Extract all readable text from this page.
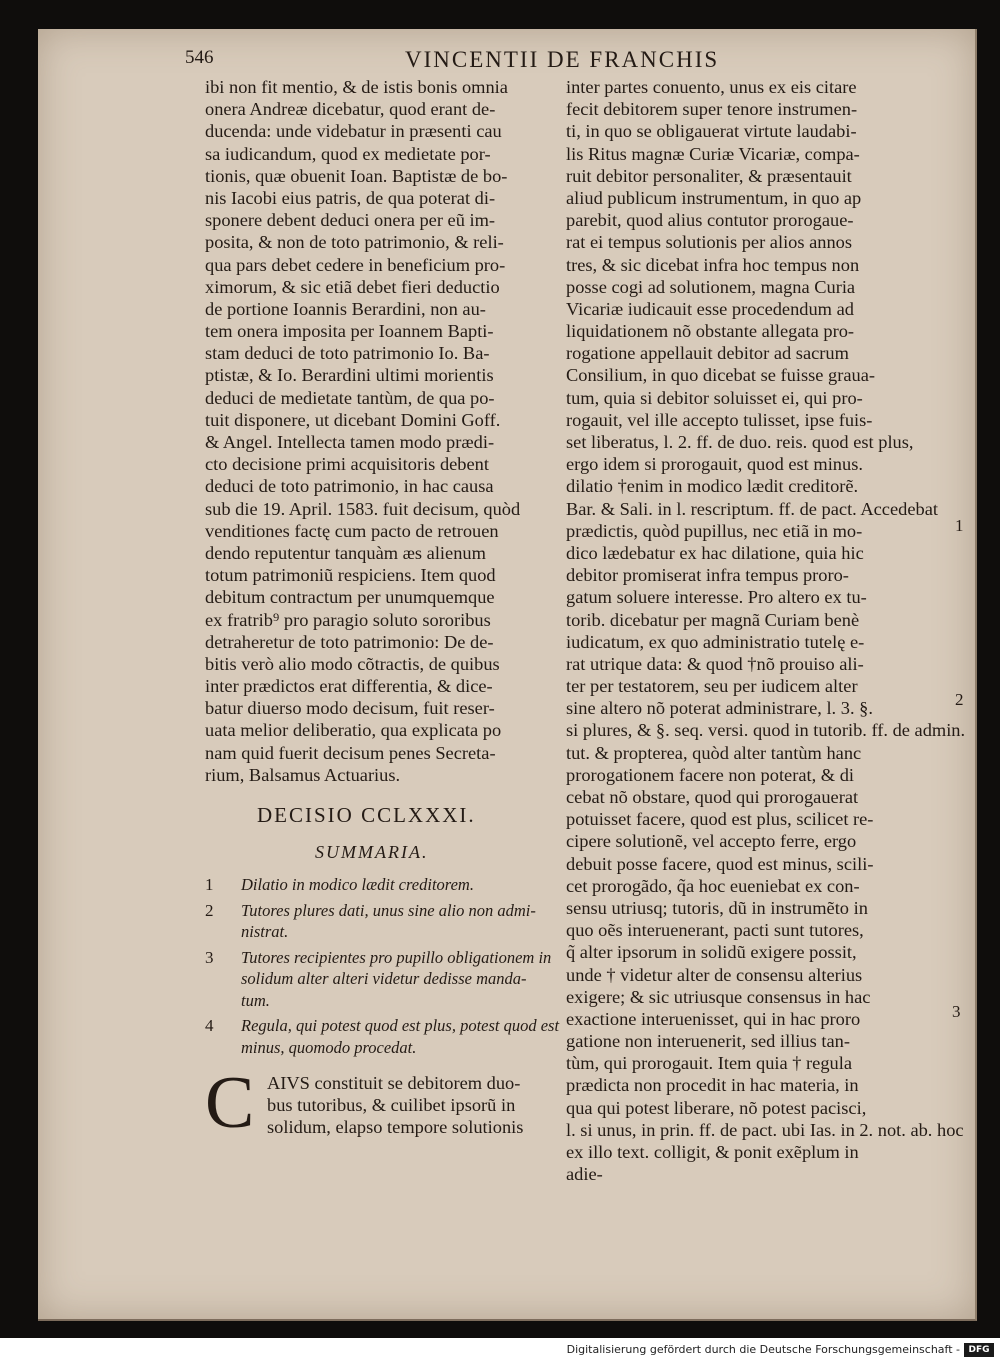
546	VINCENTII DE FRANCHIS
ibi non fit mentio, & de istis bonis omnia
onera Andreæ dicebatur, quod erant de-
ducenda: unde videbatur in præsenti cau
sa iudicandum, quod ex medietate por-
tionis, quæ obuenit Ioan. Baptistæ de bo-
nis Iacobi eius patris, de qua poterat di-
sponere debent deduci onera per eũ im-
posita, & non de toto patrimonio, & reli-
qua pars debet cedere in beneficium pro-
ximorum, & sic etiã debet fieri deductio
de portione Ioannis Berardini, non au-
tem onera imposita per Ioannem Bapti-
stam deduci de toto patrimonio Io. Ba-
ptistæ, & Io. Berardini ultimi morientis
deduci de medietate tantùm, de qua po-
tuit disponere, ut dicebant Domini Goff.
& Angel. Intellecta tamen modo prædi-
cto decisione primi acquisitoris debent
deduci de toto patrimonio, in hac causa
sub die 19. April. 1583. fuit decisum, quòd
venditiones factę cum pacto de retrouen
dendo reputentur tanquàm æs alienum
totum patrimoniũ respiciens. Item quod
debitum contractum per unumquemque
ex fratrib⁹ pro paragio soluto sororibus
detraheretur de toto patrimonio: De de-
bitis verò alio modo cõtractis, de quibus
inter prædictos erat differentia, & dice-
batur diuerso modo decisum, fuit reser-
uata melior deliberatio, qua explicata po
nam quid fuerit decisum penes Secreta-
rium, Balsamus Actuarius.
DECISIO CCLXXXI.
SUMMARIA.
1 Dilatio in modico lædit creditorem.
2 Tutores plures dati, unus sine alio non admi-
nistrat.
3 Tutores recipientes pro pupillo obligationem in
solidum alter alteri videtur dedisse manda-
tum.
4 Regula, qui potest quod est plus, potest quod est
minus, quomodo procedat.
C AIVS constituit se debitorem duo-
bus tutoribus, & cuilibet ipsorũ in
solidum, elapso tempore solutionis
inter partes conuento, unus ex eis citare
fecit debitorem super tenore instrumen-
ti, in quo se obligauerat virtute laudabi-
lis Ritus magnæ Curiæ Vicariæ, compa-
ruit debitor personaliter, & præsentauit
aliud publicum instrumentum, in quo ap
parebit, quod alius contutor prorogaue-
rat ei tempus solutionis per alios annos
tres, & sic dicebat infra hoc tempus non
posse cogi ad solutionem, magna Curia
Vicariæ iudicauit esse procedendum ad
liquidationem nõ obstante allegata pro-
rogatione appellauit debitor ad sacrum
Consilium, in quo dicebat se fuisse graua-
tum, quia si debitor soluisset ei, qui pro-
rogauit, vel ille accepto tulisset, ipse fuis-
set liberatus, l. 2. ff. de duo. reis. quod est plus,
ergo idem si prorogauit, quod est minus.
dilatio †enim in modico lædit creditorẽ.
Bar. & Sali. in l. rescriptum. ff. de pact. Accedebat
prædictis, quòd pupillus, nec etiã in mo-
dico lædebatur ex hac dilatione, quia hic
debitor promiserat infra tempus proro-
gatum soluere interesse. Pro altero ex tu-
torib. dicebatur per magnã Curiam benè
iudicatum, ex quo administratio tutelę e-
rat utrique data: & quod †nõ prouiso ali-
ter per testatorem, seu per iudicem alter
sine altero nõ poterat administrare, l. 3. §.
si plures, & §. seq. versi. quod in tutorib. ff. de admin.
tut. & propterea, quòd alter tantùm hanc
prorogationem facere non poterat, & di
cebat nõ obstare, quod qui prorogauerat
potuisset facere, quod est plus, scilicet re-
cipere solutionẽ, vel accepto ferre, ergo
debuit posse facere, quod est minus, scili-
cet prorogãdo, q̃a hoc eueniebat ex con-
sensu utriusq; tutoris, dũ in instrumẽto in
quo oẽs interuenerant, pacti sunt tutores,
q̃ alter ipsorum in solidũ exigere possit,
unde † videtur alter de consensu alterius
exigere; & sic utriusque consensus in hac
exactione interuenisset, qui in hac proro
gatione non interuenerit, sed illius tan-
tùm, qui prorogauit. Item quia † regula
prædicta non procedit in hac materia, in
qua qui potest liberare, nõ potest pacisci,
l. si unus, in prin. ff. de pact. ubi Ias. in 2. not. ab. hoc
ex illo text. colligit, & ponit exẽplum in
adie-
1
2
3
Digitalisierung gefördert durch die Deutsche Forschungsgemeinschaft - DFG
